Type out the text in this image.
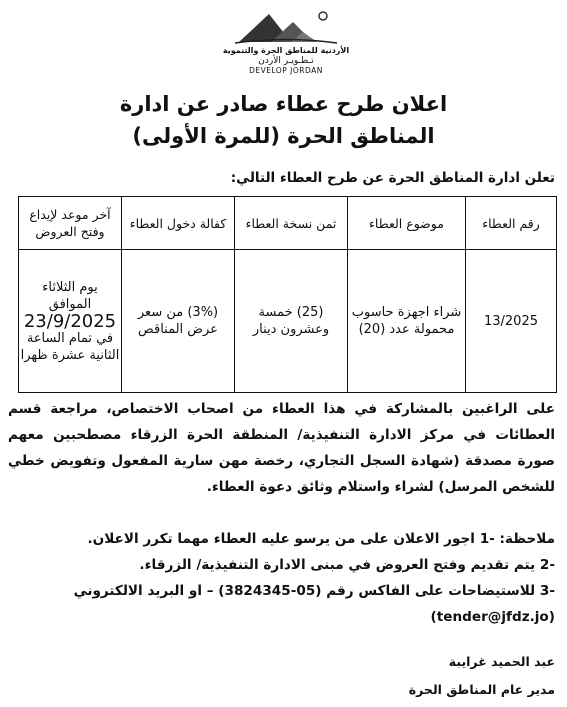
الأردنية للمناطق الحرة والتنموية
تـطـويـر الأردن
DEVELOP JORDAN
اعلان طرح عطاء صادر عن ادارة
المناطق الحرة (للمرة الأولى)
تعلن ادارة المناطق الحرة عن طرح العطاء التالي:
رقم العطاء	موضوع العطاء	ثمن نسخة العطاء	كفالة دخول العطاء	آخر موعد لإيداع وفتح العروض
13/2025	شراء اجهزة حاسوب محمولة عدد (20)	(25) خمسة وعشرون دينار	(3%) من سعر عرض المناقص	يوم الثلاثاء الموافق
23/9/2025
في تمام الساعة الثانية عشرة ظهرا
على الراغبين بالمشاركة في هذا العطاء من اصحاب الاختصاص، مراجعة قسم العطائات في مركز الادارة التنفيذية/ المنطقة الحرة الزرقاء مصطحبين معهم صورة مصدقة (شهادة السجل التجاري، رخصة مهن سارية المفعول وتفويض خطي للشخص المرسل) لشراء واستلام وثائق دعوة العطاء.
ملاحظة: -1 اجور الاعلان على من يرسو عليه العطاء مهما تكرر الاعلان.
-2 يتم تقديم وفتح العروض في مبنى الادارة التنفيذية/ الزرقاء.
-3 للاستيضاحات على الفاكس رقم (05-3824345) – او البريد الالكتروني (tender@jfdz.jo)
عبد الحميد غرايبة
مدير عام المناطق الحرة
